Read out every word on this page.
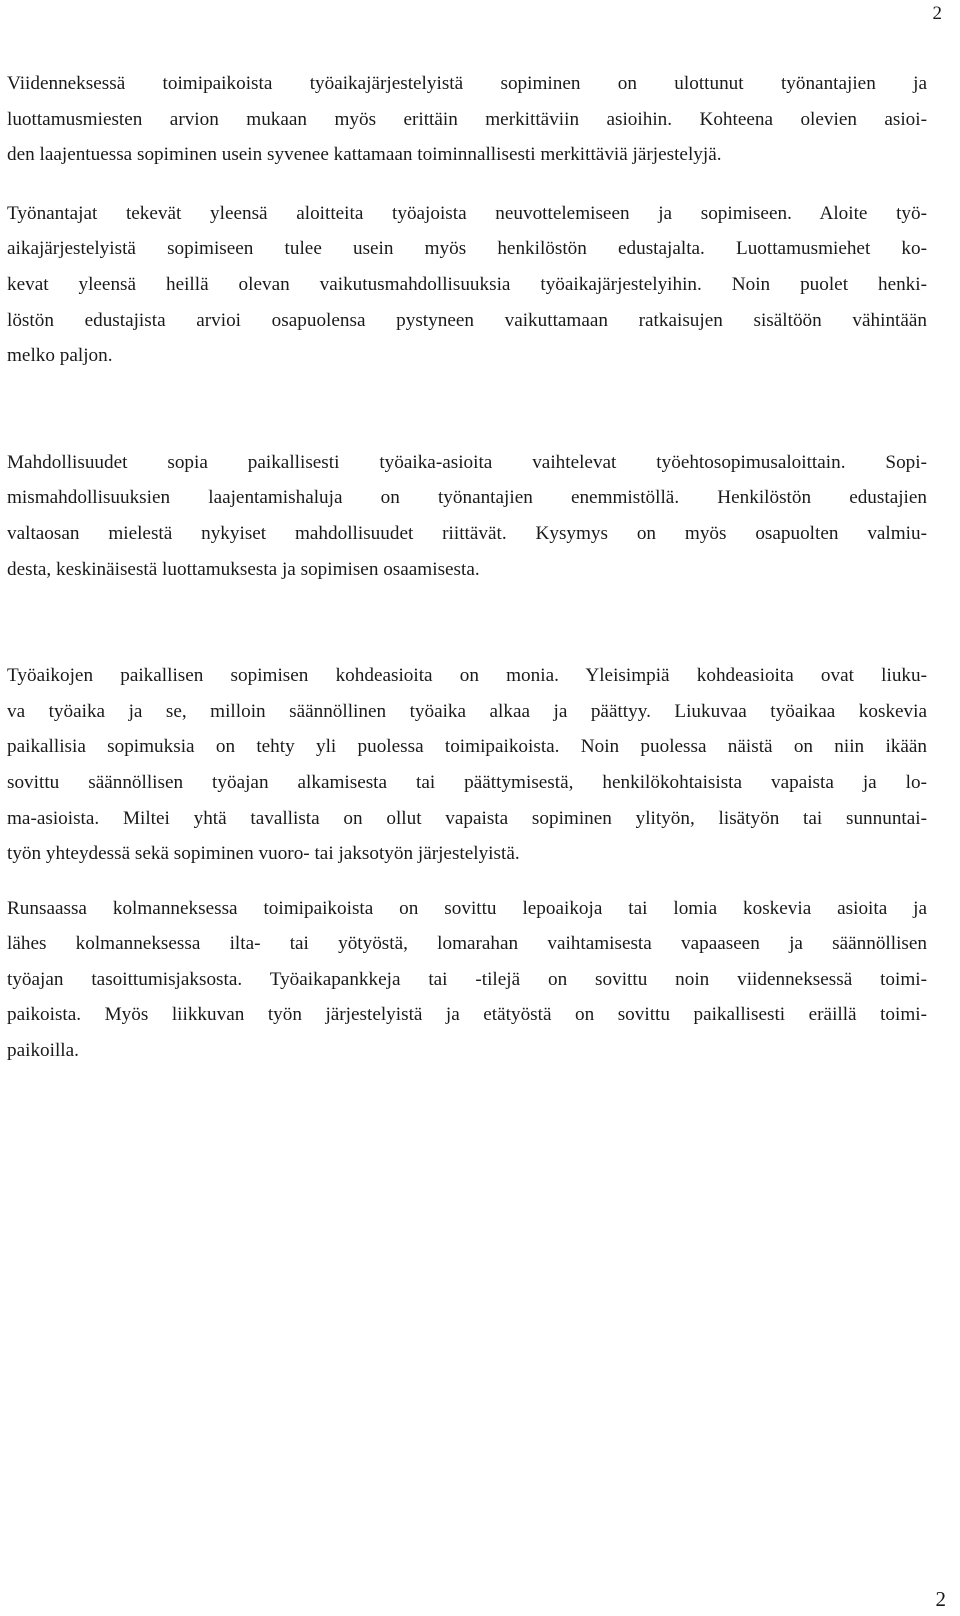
2
Viidenneksessä toimipaikoista työaikajärjestelyistä sopiminen on ulottunut työnantajien ja
luottamusmiesten arvion mukaan myös erittäin merkittäviin asioihin. Kohteena olevien asioi-
den laajentuessa sopiminen usein syvenee kattamaan toiminnallisesti merkittäviä järjestelyjä.
Työnantajat tekevät yleensä aloitteita työajoista neuvottelemiseen ja sopimiseen. Aloite työ-
aikajärjestelyistä sopimiseen tulee usein myös henkilöstön edustajalta. Luottamusmiehet ko-
kevat yleensä heillä olevan vaikutusmahdollisuuksia työaikajärjestelyihin. Noin puolet henki-
löstön edustajista arvioi osapuolensa pystyneen vaikuttamaan ratkaisujen sisältöön vähintään
melko paljon.
Mahdollisuudet sopia paikallisesti työaika-asioita vaihtelevat työehtosopimusaloittain. Sopi-
mismahdollisuuksien laajentamishaluja on työnantajien enemmistöllä. Henkilöstön edustajien
valtaosan mielestä nykyiset mahdollisuudet riittävät. Kysymys on myös osapuolten valmiu-
desta, keskinäisestä luottamuksesta ja sopimisen osaamisesta.
Työaikojen paikallisen sopimisen kohdeasioita on monia. Yleisimpiä kohdeasioita ovat liuku-
va työaika ja se, milloin säännöllinen työaika alkaa ja päättyy. Liukuvaa työaikaa koskevia
paikallisia sopimuksia on tehty yli puolessa toimipaikoista. Noin puolessa näistä on niin ikään
sovittu säännöllisen työajan alkamisesta tai päättymisestä, henkilökohtaisista vapaista ja lo-
ma-asioista. Miltei yhtä tavallista on ollut vapaista sopiminen ylityön, lisätyön tai sunnuntai-
työn yhteydessä sekä sopiminen vuoro- tai jaksotyön järjestelyistä.
Runsaassa kolmanneksessa toimipaikoista on sovittu lepoaikoja tai lomia koskevia asioita ja
lähes kolmanneksessa ilta- tai yötyöstä, lomarahan vaihtamisesta vapaaseen ja säännöllisen
työajan tasoittumisjaksosta. Työaikapankkeja tai -tilejä on sovittu noin viidenneksessä toimi-
paikoista. Myös liikkuvan työn järjestelyistä ja etätyöstä on sovittu paikallisesti eräillä toimi-
paikoilla.
2
